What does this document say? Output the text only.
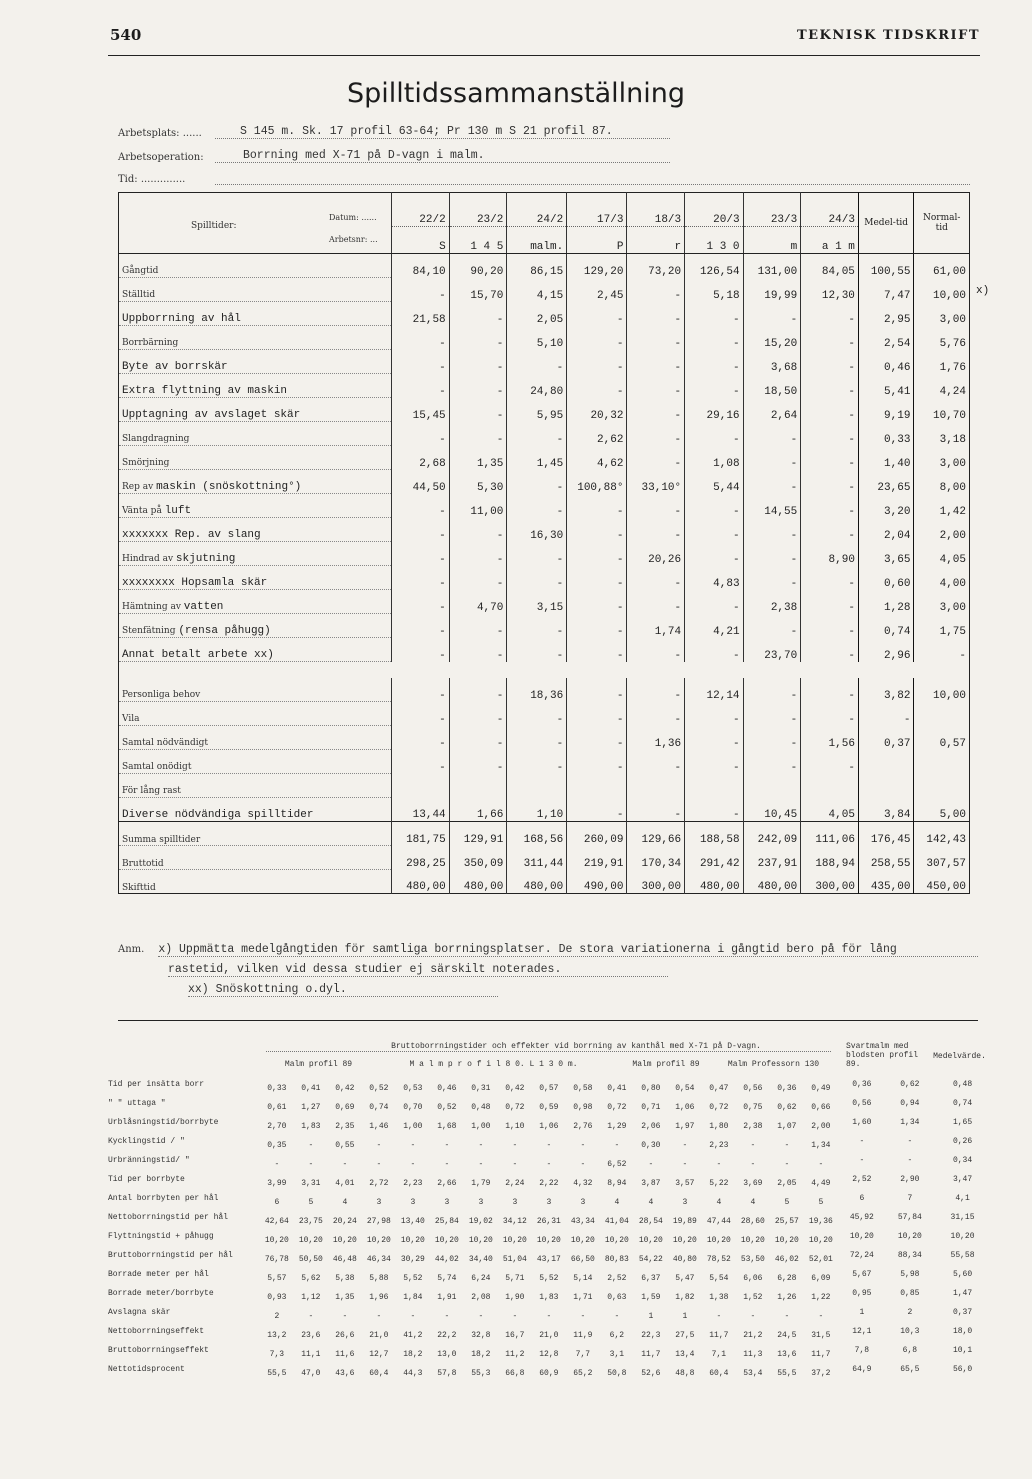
540	TEKNISK TIDSKRIFT
Spilltidssammanställning
Arbetsplats: ......	S 145 m. Sk. 17 profil 63-64; Pr 130 m S 21 profil 87.
Arbetsoperation:	Borrning med X-71 på D-vagn i malm.
Tid: ..............
Spilltider:
Datum: ......
Arbetsnr: ...	22/2	23/2	24/2	17/3	18/3	20/3	23/3	24/3	Medel-tid	Normal-tid
	S	1 4 5	malm.	P	r	1 3 0	m	a 1 m		
Gångtid	84,10	90,20	86,15	129,20	73,20	126,54	131,00	84,05	100,55	61,00
Ställtid	-	15,70	4,15	2,45	-	5,18	19,99	12,30	7,47	10,00
Uppborrning av hål	21,58	-	2,05	-	-	-	-	-	2,95	3,00
Borrbärning	-	-	5,10	-	-	-	15,20	-	2,54	5,76
Byte av borrskär	-	-	-	-	-	-	3,68	-	0,46	1,76
Extra flyttning av maskin	-	-	24,80	-	-	-	18,50	-	5,41	4,24
Upptagning av avslaget skär	15,45	-	5,95	20,32	-	29,16	2,64	-	9,19	10,70
Slangdragning	-	-	-	2,62	-	-	-	-	0,33	3,18
Smörjning	2,68	1,35	1,45	4,62	-	1,08	-	-	1,40	3,00
Rep av maskin (snöskottning°)	44,50	5,30	-	100,88°	33,10°	5,44	-	-	23,65	8,00
Vänta på luft	-	11,00	-	-	-	-	14,55	-	3,20	1,42
xxxxxxx Rep. av slang	-	-	16,30	-	-	-	-	-	2,04	2,00
Hindrad av skjutning	-	-	-	-	20,26	-	-	8,90	3,65	4,05
xxxxxxxx Hopsamla skär	-	-	-	-	-	4,83	-	-	0,60	4,00
Hämtning av vatten	-	4,70	3,15	-	-	-	2,38	-	1,28	3,00
Stenfätning (rensa påhugg)	-	-	-	-	1,74	4,21	-	-	0,74	1,75
Annat betalt arbete xx)	-	-	-	-	-	-	23,70	-	2,96	-

Personliga behov	-	-	18,36	-	-	12,14	-	-	3,82	10,00
Vila	-	-	-	-	-	-	-	-	-	
Samtal nödvändigt	-	-	-	-	1,36	-	-	1,56	0,37	0,57
Samtal onödigt	-	-	-	-	-	-	-	-		
För lång rast										
Diverse nödvändiga spilltider	13,44	1,66	1,10	-	-	-	10,45	4,05	3,84	5,00
Summa spilltider	181,75	129,91	168,56	260,09	129,66	188,58	242,09	111,06	176,45	142,43
Bruttotid	298,25	350,09	311,44	219,91	170,34	291,42	237,91	188,94	258,55	307,57
Skifttid	480,00	480,00	480,00	490,00	300,00	480,00	480,00	300,00	435,00	450,00
Anm. x) Uppmätta medelgångtiden för samtliga borrningsplatser. De stora variationerna i gångtid bero på för lång
rastetid, vilken vid dessa studier ej särskilt noterades.
xx) Snöskottning o.dyl.
Bruttoborrningstider och effekter vid borrning av kanthål med X-71 på D-vagn.
Malm profil 89	M a l m p r o f i l 8 0. L 1 3 0 m.	Malm profil 89	Malm Professorn 130
Svartmalm med blodsten profil 89.
Medelvärde.
Tid per insätta borr	0,33 0,41 0,42 0,52 0,53 0,46 0,31 0,42 0,57 0,58 0,41 0,80 0,54 0,47 0,56 0,36 0,49	0,36 0,62	0,48
" " uttaga "	0,61 1,27 0,69 0,74 0,70 0,52 0,48 0,72 0,59 0,98 0,72 0,71 1,06 0,72 0,75 0,62 0,66	0,56 0,94	0,74
Urblåsningstid/borrbyte	2,70 1,83 2,35 1,46 1,00 1,68 1,00 1,10 1,06 2,76 1,29 2,06 1,97 1,80 2,38 1,07 2,00	1,60 1,34	1,65
Kycklingstid / "	0,35 - 0,55 - - - - - - - - 0,30 - 2,23 - - 1,34	- -	0,26
Urbränningstid/ "	- - - - - - - - - - 6,52 - - - - - -	- -	0,34
Tid per borrbyte	3,99 3,31 4,01 2,72 2,23 2,66 1,79 2,24 2,22 4,32 8,94 3,87 3,57 5,22 3,69 2,05 4,49	2,52 2,90	3,47
Antal borrbyten per hål	6 5 4 3 3 3 3 3 3 3 4 4 3 4 4 5 5	6 7	4,1
Nettoborrningstid per hål	42,64 23,75 20,24 27,98 13,40 25,84 19,02 34,12 26,31 43,34 41,04 28,54 19,89 47,44 28,60 25,57 19,36	45,92 57,84	31,15
Flyttningstid + påhugg	10,20 10,20 10,20 10,20 10,20 10,20 10,20 10,20 10,20 10,20 10,20 10,20 10,20 10,20 10,20 10,20 10,20	10,20 10,20	10,20
Bruttoborrningstid per hål	76,78 50,50 46,48 46,34 30,29 44,02 34,40 51,04 43,17 66,50 80,83 54,22 40,80 78,52 53,50 46,02 52,01	72,24 88,34	55,58
Borrade meter per hål	5,57 5,62 5,38 5,88 5,52 5,74 6,24 5,71 5,52 5,14 2,52 6,37 5,47 5,54 6,06 6,28 6,09	5,67 5,98	5,60
Borrade meter/borrbyte	0,93 1,12 1,35 1,96 1,84 1,91 2,08 1,90 1,83 1,71 0,63 1,59 1,82 1,38 1,52 1,26 1,22	0,95 0,85	1,47
Avslagna skär	2 - - - - - - - - - - 1 1 - - - -	1 2	0,37
Nettoborrningseffekt	13,2 23,6 26,6 21,0 41,2 22,2 32,8 16,7 21,0 11,9 6,2 22,3 27,5 11,7 21,2 24,5 31,5	12,1 10,3	18,0
Bruttoborrningseffekt	7,3 11,1 11,6 12,7 18,2 13,0 18,2 11,2 12,8 7,7 3,1 11,7 13,4 7,1 11,3 13,6 11,7	7,8 6,8	10,1
Nettotidsprocent	55,5 47,0 43,6 60,4 44,3 57,8 55,3 66,8 60,9 65,2 50,8 52,6 48,8 60,4 53,4 55,5 37,2	64,9 65,5	56,0
x)
